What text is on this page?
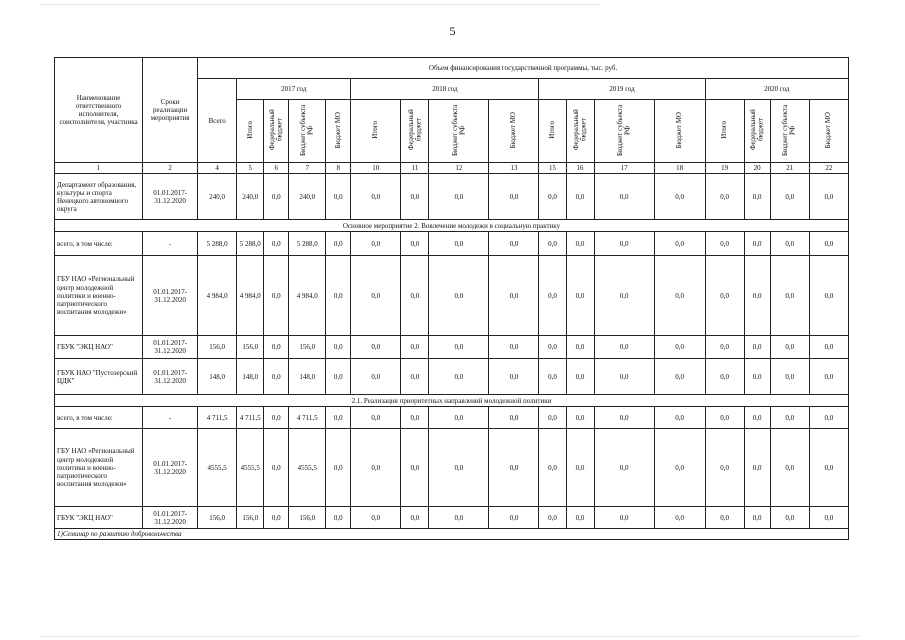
5
Наименование ответственного исполнителя, соисполнителя, участника	Сроки реализации мероприятия	Объем финансирования государственной программы, тыс. руб.																
		Всего	2017 год				2018 год				2019 год				2020 год			
			Итого	Федеральный бюджет	Бюджет субъекта РФ	Бюджет МО	Итого	Федеральный бюджет	Бюджет субъекта РФ	Бюджет МО	Итого	Федеральный бюджет	Бюджет субъекта РФ	Бюджет МО	Итого	Федеральный бюджет	Бюджет субъекта РФ	Бюджет МО
1	2	4	5	6	7	8	10	11	12	13	15	16	17	18	19	20	21	22
Департамент образования, культуры и спорта Ненецкого автономного округа	01.01.2017-31.12.2020	240,0	240,0	0,0	240,0	0,0	0,0	0,0	0,0	0,0	0,0	0,0	0,0	0,0	0,0	0,0	0,0	0,0
Основное мероприятие 2. Вовлечение молодежи в социальную практику																		
всего, в том числе:	-	5 288,0	5 288,0	0,0	5 288,0	0,0	0,0	0,0	0,0	0,0	0,0	0,0	0,0	0,0	0,0	0,0	0,0	0,0
ГБУ НАО «Региональный центр молодежной политики и военно-патриотического воспитания молодежи»	01.01.2017-31.12.2020	4 984,0	4 984,0	0,0	4 984,0	0,0	0,0	0,0	0,0	0,0	0,0	0,0	0,0	0,0	0,0	0,0	0,0	0,0
ГБУК "ЭКЦ НАО"	01.01.2017-31.12.2020	156,0	156,0	0,0	156,0	0,0	0,0	0,0	0,0	0,0	0,0	0,0	0,0	0,0	0,0	0,0	0,0	0,0
ГБУК НАО "Пустозерский ЦДК"	01.01.2017-31.12.2020	148,0	148,0	0,0	148,0	0,0	0,0	0,0	0,0	0,0	0,0	0,0	0,0	0,0	0,0	0,0	0,0	0,0
2.1. Реализация приоритетных направлений молодежной политики																		
всего, в том числе:	-	4 711,5	4 711,5	0,0	4 711,5	0,0	0,0	0,0	0,0	0,0	0,0	0,0	0,0	0,0	0,0	0,0	0,0	0,0
ГБУ НАО «Региональный центр молодежной политики и военно-патриотического воспитания молодежи»	01.01.2017-31.12.2020	4555,5	4555,5	0,0	4555,5	0,0	0,0	0,0	0,0	0,0	0,0	0,0	0,0	0,0	0,0	0,0	0,0	0,0
ГБУК "ЭКЦ НАО"	01.01.2017-31.12.2020	156,0	156,0	0,0	156,0	0,0	0,0	0,0	0,0	0,0	0,0	0,0	0,0	0,0	0,0	0,0	0,0	0,0
1)Семинар по развитию добровольчества																		
